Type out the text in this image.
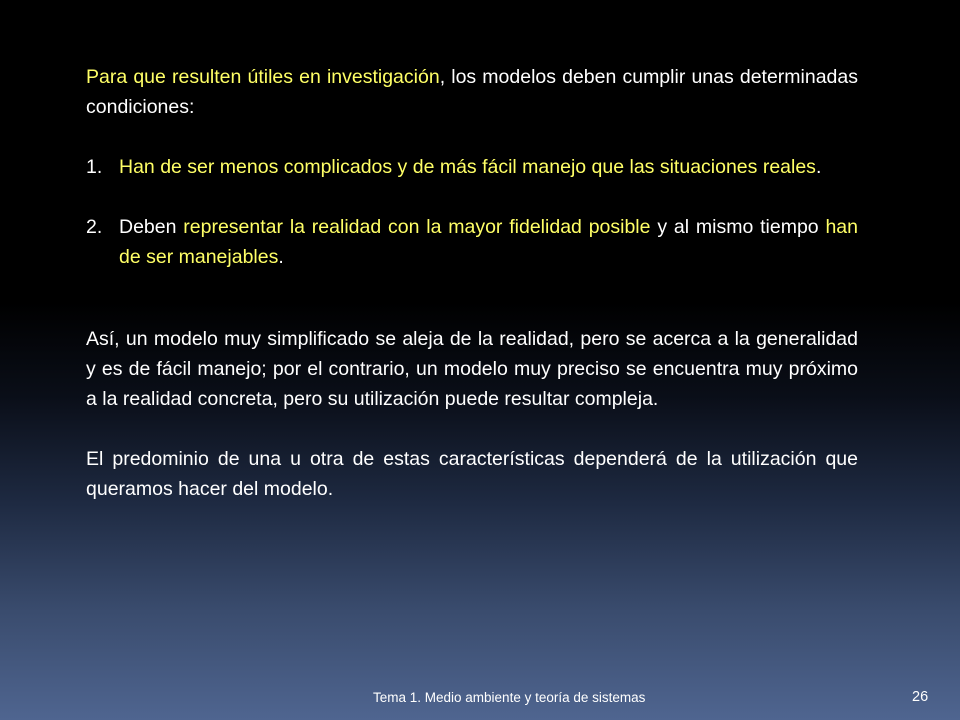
Para que resulten útiles en investigación, los modelos deben cumplir unas determinadas condiciones:

1. Han de ser menos complicados y de más fácil manejo que las situaciones reales.

2. Deben representar la realidad con la mayor fidelidad posible y al mismo tiempo han de ser manejables.

Así, un modelo muy simplificado se aleja de la realidad, pero se acerca a la generalidad y es de fácil manejo; por el contrario, un modelo muy preciso se encuentra muy próximo a la realidad concreta, pero su utilización puede resultar compleja.

El predominio de una u otra de estas características dependerá de la utilización que queramos hacer del modelo.

Tema 1. Medio ambiente y teoría de sistemas	26
